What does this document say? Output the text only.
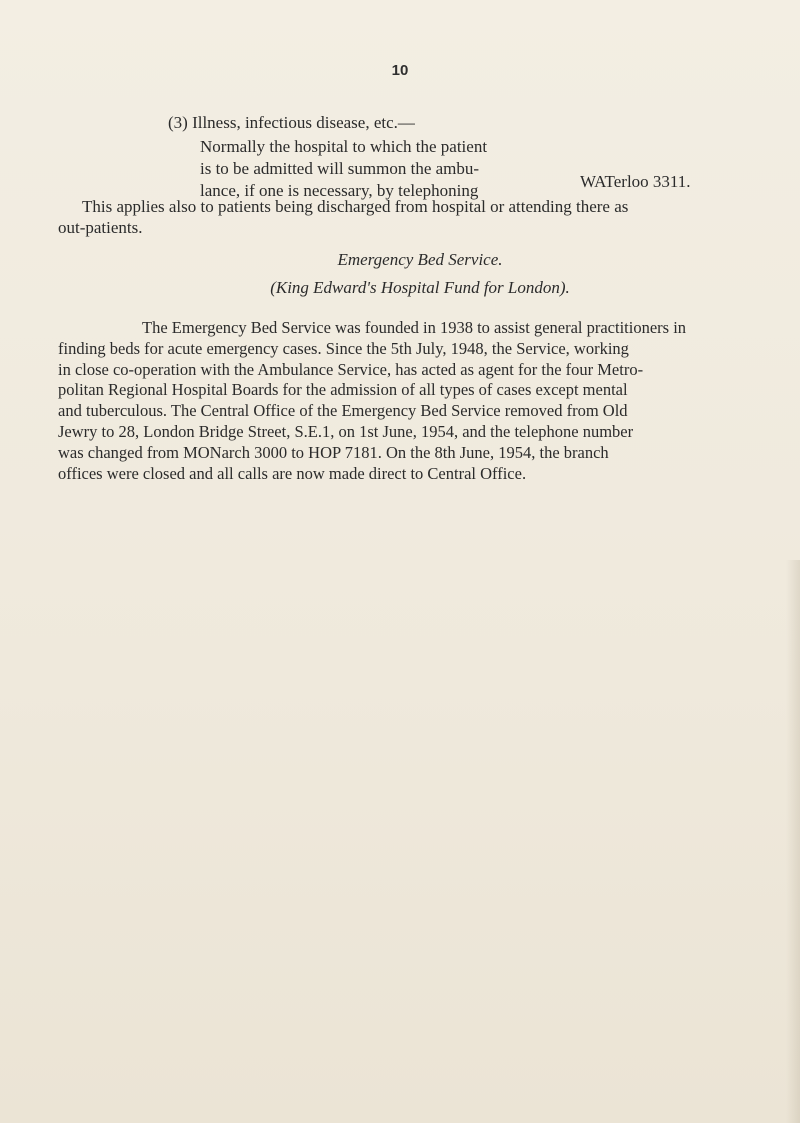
10
(3) Illness, infectious disease, etc.—
Normally the hospital to which the patient
is to be admitted will summon the ambu-
lance, if one is necessary, by telephoning	WATerloo 3311.
This applies also to patients being discharged from hospital or attending there as
out-patients.
Emergency Bed Service.
(King Edward's Hospital Fund for London).
The Emergency Bed Service was founded in 1938 to assist general practitioners in
finding beds for acute emergency cases. Since the 5th July, 1948, the Service, working
in close co-operation with the Ambulance Service, has acted as agent for the four Metro-
politan Regional Hospital Boards for the admission of all types of cases except mental
and tuberculous. The Central Office of the Emergency Bed Service removed from Old
Jewry to 28, London Bridge Street, S.E.1, on 1st June, 1954, and the telephone number
was changed from MONarch 3000 to HOP 7181. On the 8th June, 1954, the branch
offices were closed and all calls are now made direct to Central Office.
